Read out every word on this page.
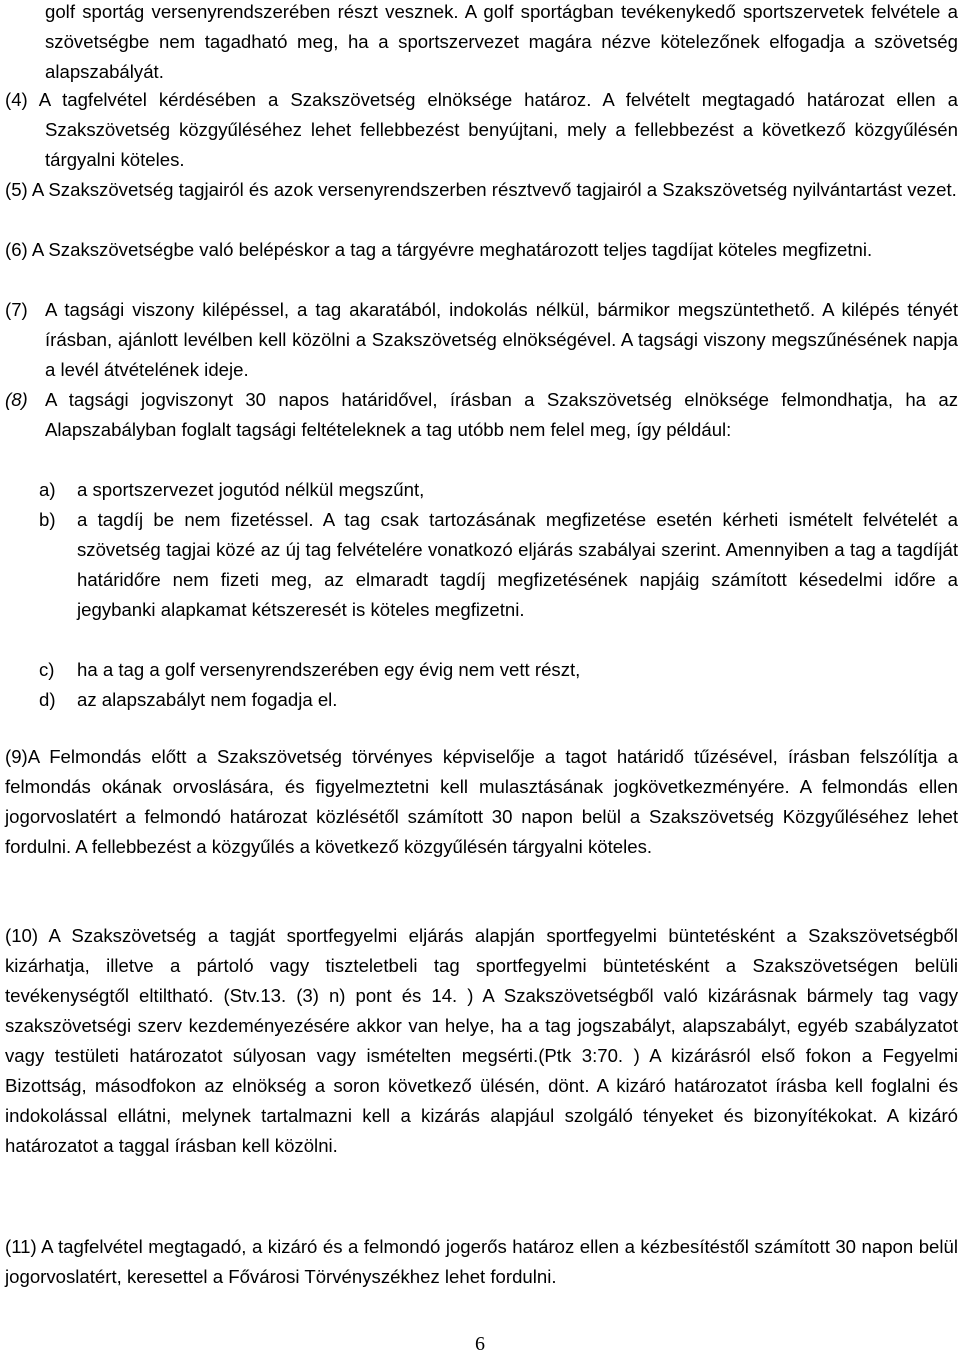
golf sportág versenyrendszerében részt vesznek. A golf sportágban tevékenykedő sportszervetek felvétele a szövetségbe nem tagadható meg, ha a sportszervezet magára nézve kötelezőnek elfogadja a szövetség alapszabályát.

(4) A tagfelvétel kérdésében a Szakszövetség elnöksége határoz. A felvételt megtagadó határozat ellen a Szakszövetség közgyűléséhez lehet fellebbezést benyújtani, mely a fellebbezést a következő közgyűlésén tárgyalni köteles.

(5) A Szakszövetség tagjairól és azok versenyrendszerben résztvevő tagjairól a Szakszövetség nyilvántartást vezet.

(6) A Szakszövetségbe való belépéskor a tag a tárgyévre meghatározott teljes tagdíjat köteles megfizetni.

(7) A tagsági viszony kilépéssel, a tag akaratából, indokolás nélkül, bármikor megszüntethető. A kilépés tényét írásban, ajánlott levélben kell közölni a Szakszövetség elnökségével. A tagsági viszony megszűnésének napja a levél átvételének ideje.

(8) A tagsági jogviszonyt 30 napos határidővel, írásban a Szakszövetség elnöksége felmondhatja, ha az Alapszabályban foglalt tagsági feltételeknek a tag utóbb nem felel meg, így például:

a) a sportszervezet jogutód nélkül megszűnt,

b) a tagdíj be nem fizetéssel. A tag csak tartozásának megfizetése esetén kérheti ismételt felvételét a szövetség tagjai közé az új tag felvételére vonatkozó eljárás szabályai szerint. Amennyiben a tag a tagdíját határidőre nem fizeti meg, az elmaradt tagdíj megfizetésének napjáig számított késedelmi időre a jegybanki alapkamat kétszeresét is köteles megfizetni.

c) ha a tag a golf versenyrendszerében egy évig nem vett részt,

d) az alapszabályt nem fogadja el.

(9)A Felmondás előtt a Szakszövetség törvényes képviselője a tagot határidő tűzésével, írásban felszólítja a felmondás okának orvoslására, és figyelmeztetni kell mulasztásának jogkövetkezményére. A felmondás ellen jogorvoslatért a felmondó határozat közlésétől számított 30 napon belül a Szakszövetség Közgyűléséhez lehet fordulni. A fellebbezést a közgyűlés a következő közgyűlésén tárgyalni köteles.

(10) A Szakszövetség a tagját sportfegyelmi eljárás alapján sportfegyelmi büntetésként a Szakszövetségből kizárhatja, illetve a pártoló vagy tiszteletbeli tag sportfegyelmi büntetésként a Szakszövetségen belüli tevékenységtől eltiltható. (Stv.13. (3) n) pont és 14. ) A Szakszövetségből való kizárásnak bármely tag vagy szakszövetségi szerv kezdeményezésére akkor van helye, ha a tag jogszabályt, alapszabályt, egyéb szabályzatot vagy testületi határozatot súlyosan vagy ismételten megsérti.(Ptk 3:70. ) A kizárásról első fokon a Fegyelmi Bizottság, másodfokon az elnökség a soron következő ülésén, dönt. A kizáró határozatot írásba kell foglalni és indokolással ellátni, melynek tartalmazni kell a kizárás alapjául szolgáló tényeket és bizonyítékokat. A kizáró határozatot a taggal írásban kell közölni.

(11) A tagfelvétel megtagadó, a kizáró és a felmondó jogerős határoz ellen a kézbesítéstől számított 30 napon belül jogorvoslatért, keresettel a Fővárosi Törvényszékhez lehet fordulni.

6
